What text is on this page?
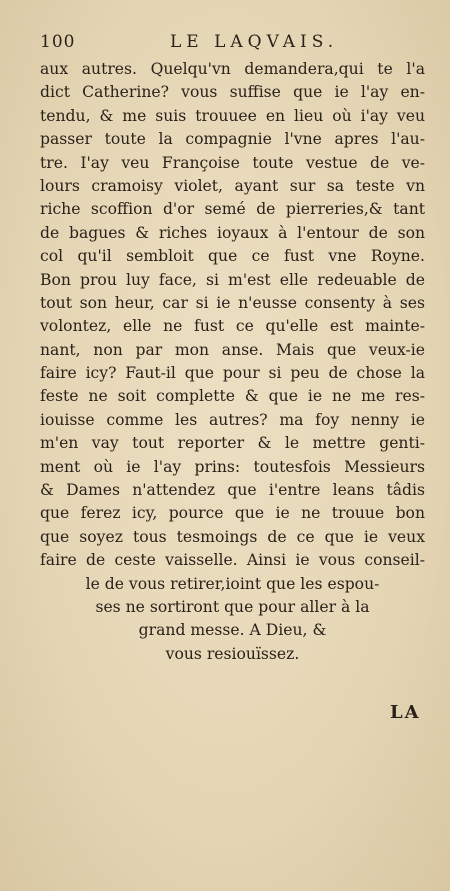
100	LE LAQVAIS.
aux autres. Quelqu'vn demandera,qui te l'a
dict Catherine? vous suffise que ie l'ay en-
tendu, & me suis trouuee en lieu où i'ay veu
passer toute la compagnie l'vne apres l'au-
tre. I'ay veu Françoise toute vestue de ve-
lours cramoisy violet, ayant sur sa teste vn
riche scoffion d'or semé de pierreries,& tant
de bagues & riches ioyaux à l'entour de son
col qu'il sembloit que ce fust vne Royne.
Bon prou luy face, si m'est elle redeuable de
tout son heur, car si ie n'eusse consenty à ses
volontez, elle ne fust ce qu'elle est mainte-
nant, non par mon anse. Mais que veux-ie
faire icy? Faut-il que pour si peu de chose la
feste ne soit complette & que ie ne me res-
iouisse comme les autres? ma foy nenny ie
m'en vay tout reporter & le mettre genti-
ment où ie l'ay prins: toutesfois Messieurs
& Dames n'attendez que i'entre leans tâdis
que ferez icy, pource que ie ne trouue bon
que soyez tous tesmoings de ce que ie veux
faire de ceste vaisselle. Ainsi ie vous conseil-
le de vous retirer,ioint que les espou-
ses ne sortiront que pour aller à la
grand messe. A Dieu, &
vous resiouïssez.
LA
